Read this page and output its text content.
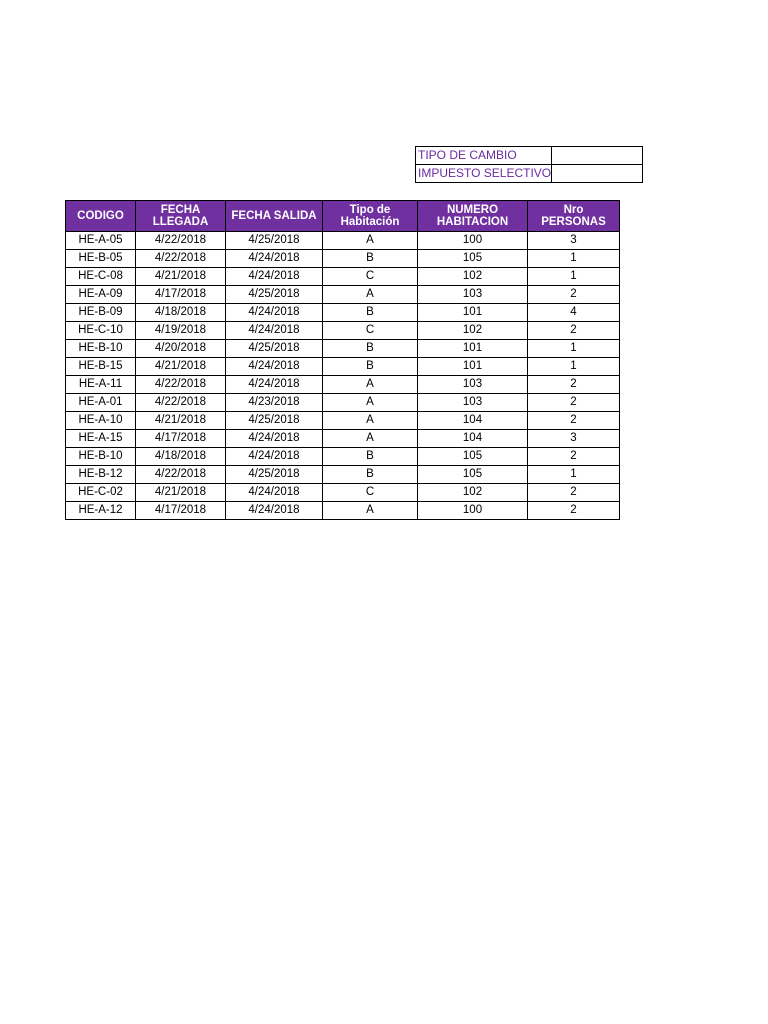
TIPO DE CAMBIO	
IMPUESTO SELECTIVO	
CODIGO	FECHA LLEGADA	FECHA SALIDA	Tipo de Habitación	NUMERO HABITACION	Nro PERSONAS
HE-A-05	4/22/2018	4/25/2018	A	100	3
HE-B-05	4/22/2018	4/24/2018	B	105	1
HE-C-08	4/21/2018	4/24/2018	C	102	1
HE-A-09	4/17/2018	4/25/2018	A	103	2
HE-B-09	4/18/2018	4/24/2018	B	101	4
HE-C-10	4/19/2018	4/24/2018	C	102	2
HE-B-10	4/20/2018	4/25/2018	B	101	1
HE-B-15	4/21/2018	4/24/2018	B	101	1
HE-A-11	4/22/2018	4/24/2018	A	103	2
HE-A-01	4/22/2018	4/23/2018	A	103	2
HE-A-10	4/21/2018	4/25/2018	A	104	2
HE-A-15	4/17/2018	4/24/2018	A	104	3
HE-B-10	4/18/2018	4/24/2018	B	105	2
HE-B-12	4/22/2018	4/25/2018	B	105	1
HE-C-02	4/21/2018	4/24/2018	C	102	2
HE-A-12	4/17/2018	4/24/2018	A	100	2
